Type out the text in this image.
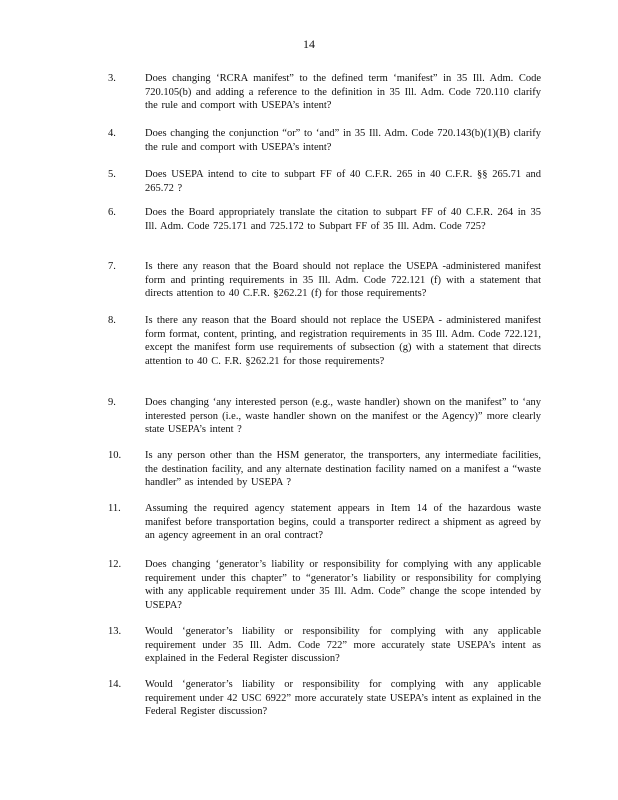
14
3.	Does changing ‘RCRA manifest” to the defined term ‘manifest” in 35 Ill. Adm. Code 720.105(b) and adding a reference to the definition in 35 Ill. Adm. Code 720.110 clarify the rule and comport with USEPA’s intent?
4.	Does changing the conjunction “or” to ‘and” in 35 Ill. Adm. Code 720.143(b)(1)(B) clarify the rule and comport with USEPA’s intent?
5.	Does USEPA intend to cite to subpart FF of 40 C.F.R. 265 in 40 C.F.R. §§ 265.71 and 265.72 ?
6.	Does the Board appropriately translate the citation to subpart FF of 40 C.F.R. 264 in 35 Ill. Adm. Code 725.171 and 725.172 to Subpart FF of 35 Ill. Adm. Code 725?
7.	Is there any reason that the Board should not replace the USEPA -administered manifest form and printing requirements in 35 Ill. Adm. Code 722.121 (f) with a statement that directs attention to 40 C.F.R. §262.21 (f) for those requirements?
8.	Is there any reason that the Board should not replace the USEPA - administered manifest form format, content, printing, and registration requirements in 35 Ill. Adm. Code 722.121, except the manifest form use requirements of subsection (g) with a statement that directs attention to 40 C. F.R. §262.21 for those requirements?
9.	Does changing ‘any interested person (e.g., waste handler) shown on the manifest” to ‘any interested person (i.e., waste handler shown on the manifest or the Agency)” more clearly state USEPA’s intent ?
10. Is any person other than the HSM generator, the transporters, any intermediate facilities, the destination facility, and any alternate destination facility named on a manifest a “waste handler” as intended by USEPA ?
11. Assuming the required agency statement appears in Item 14 of the hazardous waste manifest before transportation begins, could a transporter redirect a shipment as agreed by an agency agreement in an oral contract?
12. Does changing ‘generator’s liability or responsibility for complying with any applicable requirement under this chapter” to “generator’s liability or responsibility for complying with any applicable requirement under 35 Ill. Adm. Code” change the scope intended by USEPA?
13. Would ‘generator’s liability or responsibility for complying with any applicable requirement under 35 Ill. Adm. Code 722” more accurately state USEPA’s intent as explained in the Federal Register discussion?
14. Would ‘generator’s liability or responsibility for complying with any applicable requirement under 42 USC 6922” more accurately state USEPA’s intent as explained in the Federal Register discussion?
